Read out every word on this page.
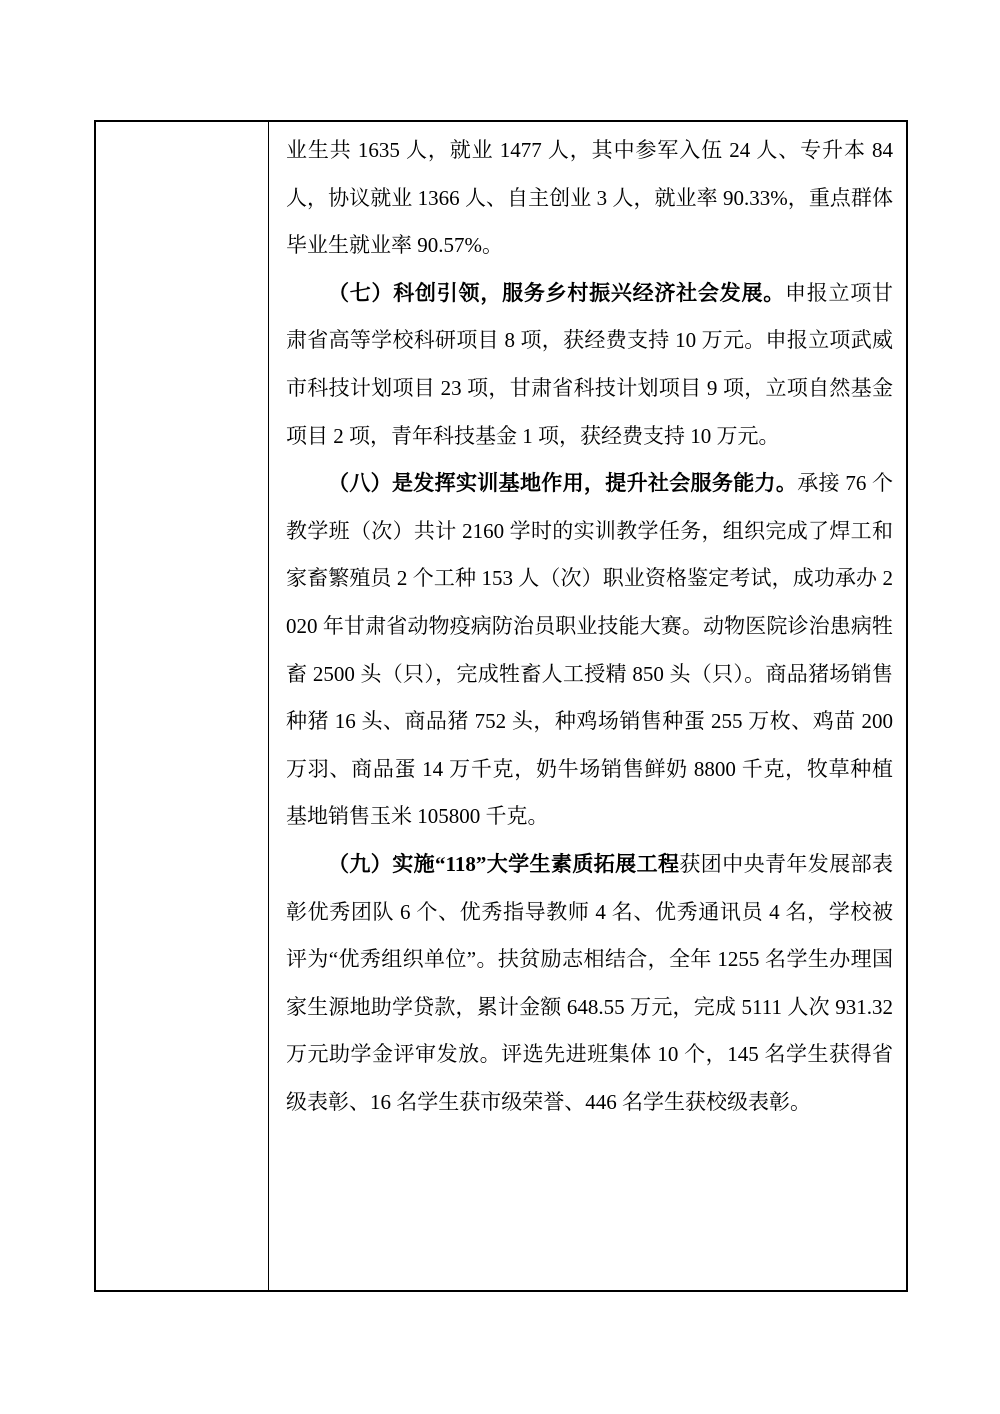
业生共 1635 人，就业 1477 人，其中参军入伍 24 人、专升本 84 人，协议就业 1366 人、自主创业 3 人，就业率 90.33%，重点群体毕业生就业率 90.57%。

（七）科创引领，服务乡村振兴经济社会发展。申报立项甘肃省高等学校科研项目 8 项，获经费支持 10 万元。申报立项武威市科技计划项目 23 项，甘肃省科技计划项目 9 项，立项自然基金项目 2 项，青年科技基金 1 项，获经费支持 10 万元。

（八）是发挥实训基地作用，提升社会服务能力。承接 76 个教学班（次）共计 2160 学时的实训教学任务，组织完成了焊工和家畜繁殖员 2 个工种 153 人（次）职业资格鉴定考试，成功承办 2020 年甘肃省动物疫病防治员职业技能大赛。动物医院诊治患病牲畜 2500 头（只），完成牲畜人工授精 850 头（只）。商品猪场销售种猪 16 头、商品猪 752 头，种鸡场销售种蛋 255 万枚、鸡苗 200 万羽、商品蛋 14 万千克，奶牛场销售鲜奶 8800 千克，牧草种植基地销售玉米 105800 千克。

（九）实施“118”大学生素质拓展工程获团中央青年发展部表彰优秀团队 6 个、优秀指导教师 4 名、优秀通讯员 4 名，学校被评为“优秀组织单位”。扶贫励志相结合，全年 1255 名学生办理国家生源地助学贷款，累计金额 648.55 万元，完成 5111 人次 931.32 万元助学金评审发放。评选先进班集体 10 个，145 名学生获得省级表彰、16 名学生获市级荣誉、446 名学生获校级表彰。
